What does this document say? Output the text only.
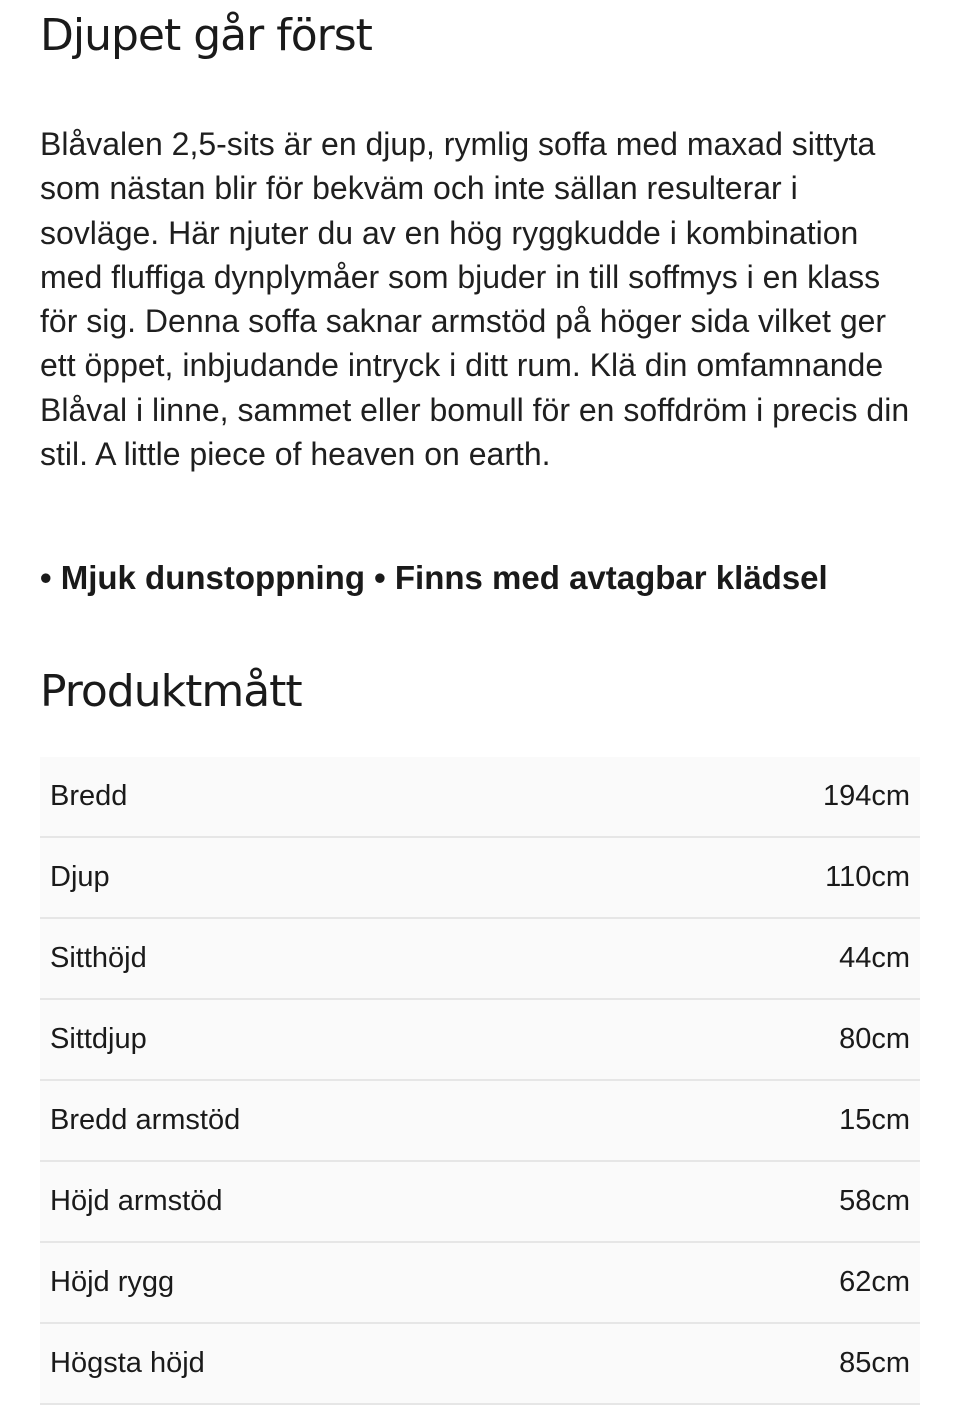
Djupet går först

Blåvalen 2,5-sits är en djup, rymlig soffa med maxad sittyta som nästan blir för bekväm och inte sällan resulterar i sovläge. Här njuter du av en hög ryggkudde i kombination med fluffiga dynplymåer som bjuder in till soffmys i en klass för sig. Denna soffa saknar armstöd på höger sida vilket ger ett öppet, inbjudande intryck i ditt rum. Klä din omfamnande Blåval i linne, sammet eller bomull för en soffdröm i precis din stil. A little piece of heaven on earth.

• Mjuk dunstoppning • Finns med avtagbar klädsel

Produktmått
Bredd	194cm
Djup	110cm
Sitthöjd	44cm
Sittdjup	80cm
Bredd armstöd	15cm
Höjd armstöd	58cm
Höjd rygg	62cm
Högsta höjd	85cm
